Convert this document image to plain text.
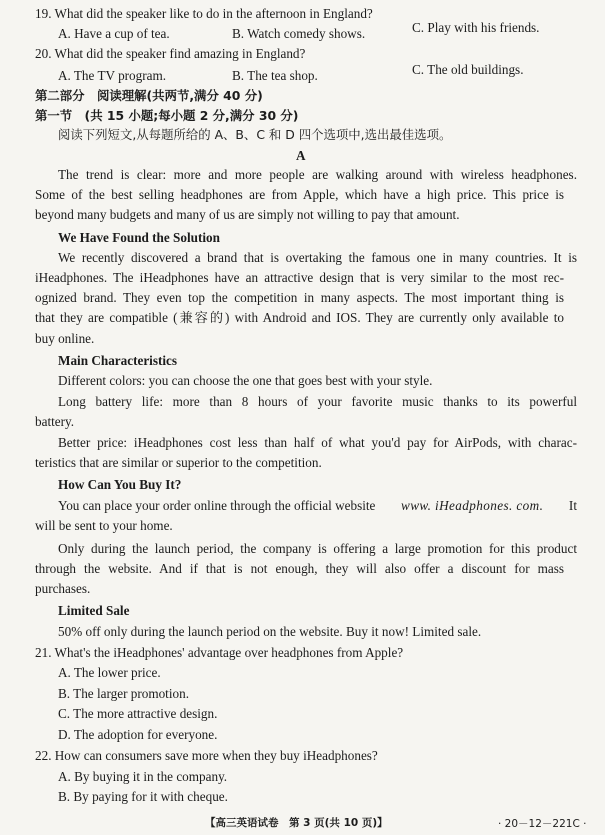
19. What did the speaker like to do in the afternoon in England?
A. Have a cup of tea.	B. Watch comedy shows.	C. Play with his friends.
20. What did the speaker find amazing in England?
A. The TV program.	B. The tea shop.	C. The old buildings.
第二部分　阅读理解(共两节,满分 40 分)
第一节　(共 15 小题;每小题 2 分,满分 30 分)
阅读下列短文,从每题所给的 A、B、C 和 D 四个选项中,选出最佳选项。
A
The trend is clear: more and more people are walking around with wireless headphones.
Some of the best selling headphones are from Apple, which have a high price. This price is
beyond many budgets and many of us are simply not willing to pay that amount.
We Have Found the Solution
We recently discovered a brand that is overtaking the famous one in many countries. It is
iHeadphones. The iHeadphones have an attractive design that is very similar to the most rec-
ognized brand. They even top the competition in many aspects. The most important thing is
that they are compatible (兼容的) with Android and IOS. They are currently only available to
buy online.
Main Characteristics
Different colors: you can choose the one that goes best with your style.
Long battery life: more than 8 hours of your favorite music thanks to its powerful
battery.
Better price: iHeadphones cost less than half of what you'd pay for AirPods, with charac-
teristics that are similar or superior to the competition.
How Can You Buy It?
You can place your order online through the official website www. iHeadphones. com. It
will be sent to your home.
Only during the launch period, the company is offering a large promotion for this product
through the website. And if that is not enough, they will also offer a discount for mass
purchases.
Limited Sale
50% off only during the launch period on the website. Buy it now! Limited sale.
21. What's the iHeadphones' advantage over headphones from Apple?
A. The lower price.
B. The larger promotion.
C. The more attractive design.
D. The adoption for everyone.
22. How can consumers save more when they buy iHeadphones?
A. By buying it in the company.
B. By paying for it with cheque.
【高三英语试卷　第 3 页(共 10 页)】	· 20－12－221C ·
